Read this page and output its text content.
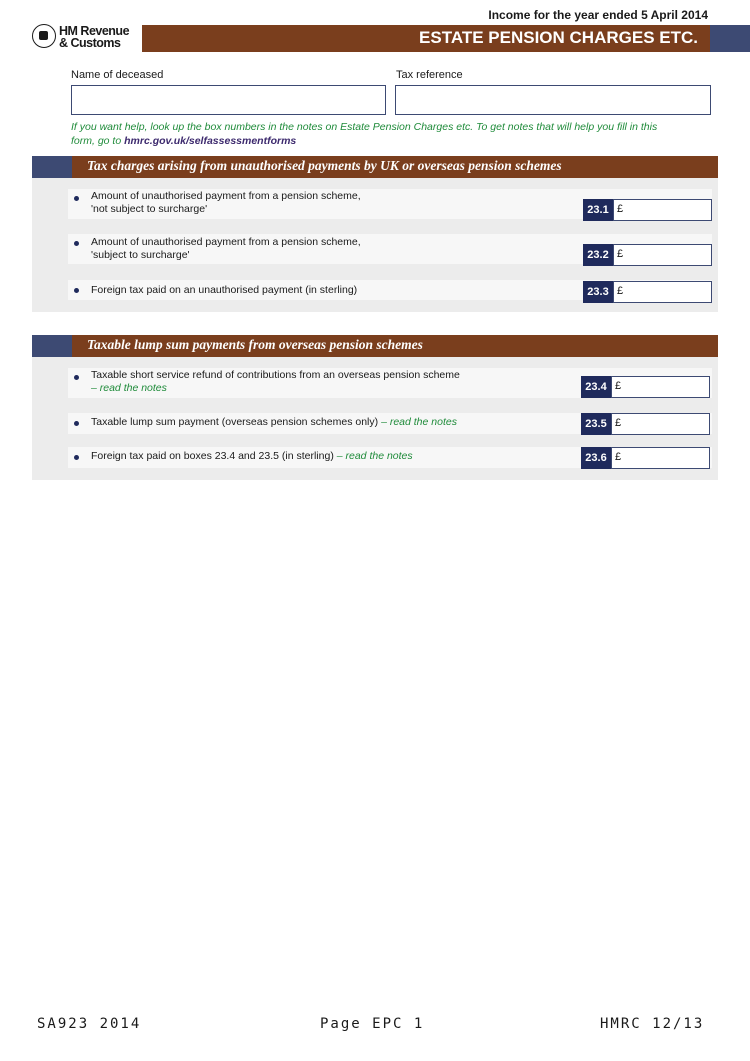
HM Revenue
& Customs
Income for the year ended 5 April 2014
ESTATE PENSION CHARGES ETC.
Name of deceased	Tax reference
If you want help, look up the box numbers in the notes on Estate Pension Charges etc. To get notes that will help you fill in this form, go to hmrc.gov.uk/selfassessmentforms
Tax charges arising from unauthorised payments by UK or overseas pension schemes
Amount of unauthorised payment from a pension scheme,
'not subject to surcharge'	23.1 £
Amount of unauthorised payment from a pension scheme,
'subject to surcharge'	23.2 £
Foreign tax paid on an unauthorised payment (in sterling)	23.3 £
Taxable lump sum payments from overseas pension schemes
Taxable short service refund of contributions from an overseas pension scheme
– read the notes	23.4 £
Taxable lump sum payment (overseas pension schemes only) – read the notes	23.5 £
Foreign tax paid on boxes 23.4 and 23.5 (in sterling) – read the notes	23.6 £
SA923 2014	Page EPC 1	HMRC 12/13
